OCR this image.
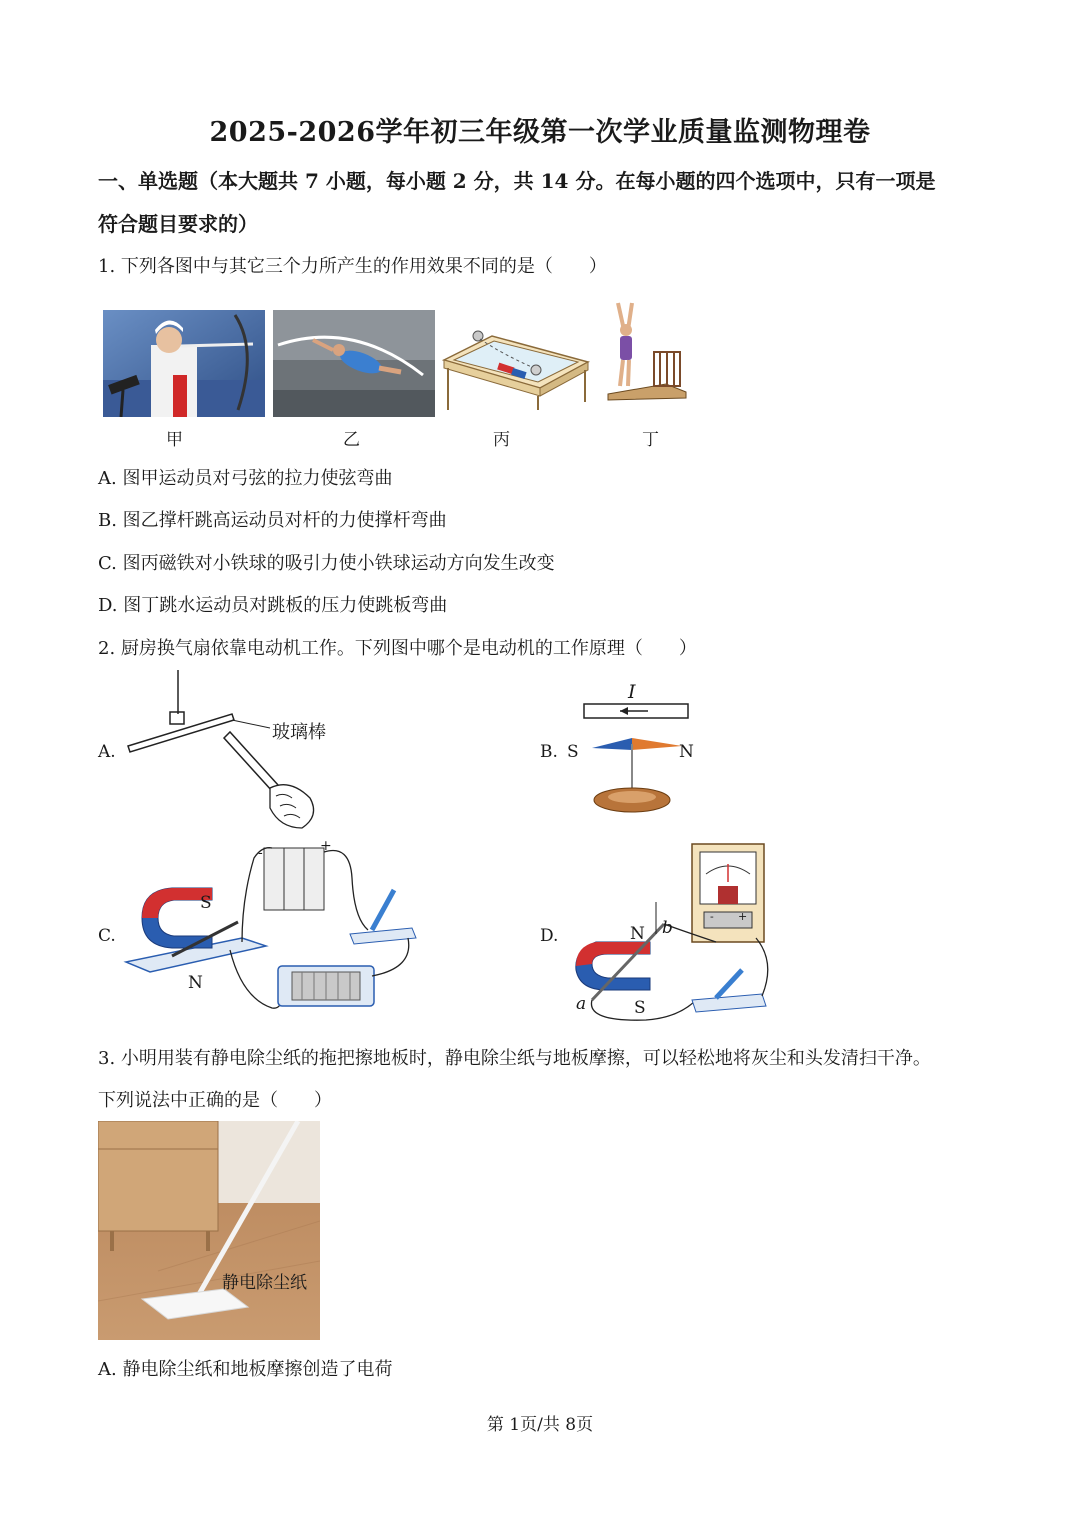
2025-2026学年初三年级第一次学业质量监测物理卷
一、单选题（本大题共 7 小题，每小题 2 分，共 14 分。在每小题的四个选项中，只有一项是
符合题目要求的）
1. 下列各图中与其它三个力所产生的作用效果不同的是（　　）
甲	乙	丙	丁
A. 图甲运动员对弓弦的拉力使弦弯曲
B. 图乙撑杆跳高运动员对杆的力使撑杆弯曲
C. 图丙磁铁对小铁球的吸引力使小铁球运动方向发生改变
D. 图丁跳水运动员对跳板的压力使跳板弯曲
2. 厨房换气扇依靠电动机工作。下列图中哪个是电动机的工作原理（　　）
A.
玻璃棒
B.
I
S	N
C.
S
N
-	+
D.	N
S
a
b
- +
3. 小明用装有静电除尘纸的拖把擦地板时，静电除尘纸与地板摩擦，可以轻松地将灰尘和头发清扫干净。
下列说法中正确的是（　　）
静电除尘纸
A. 静电除尘纸和地板摩擦创造了电荷
第 1页/共 8页
